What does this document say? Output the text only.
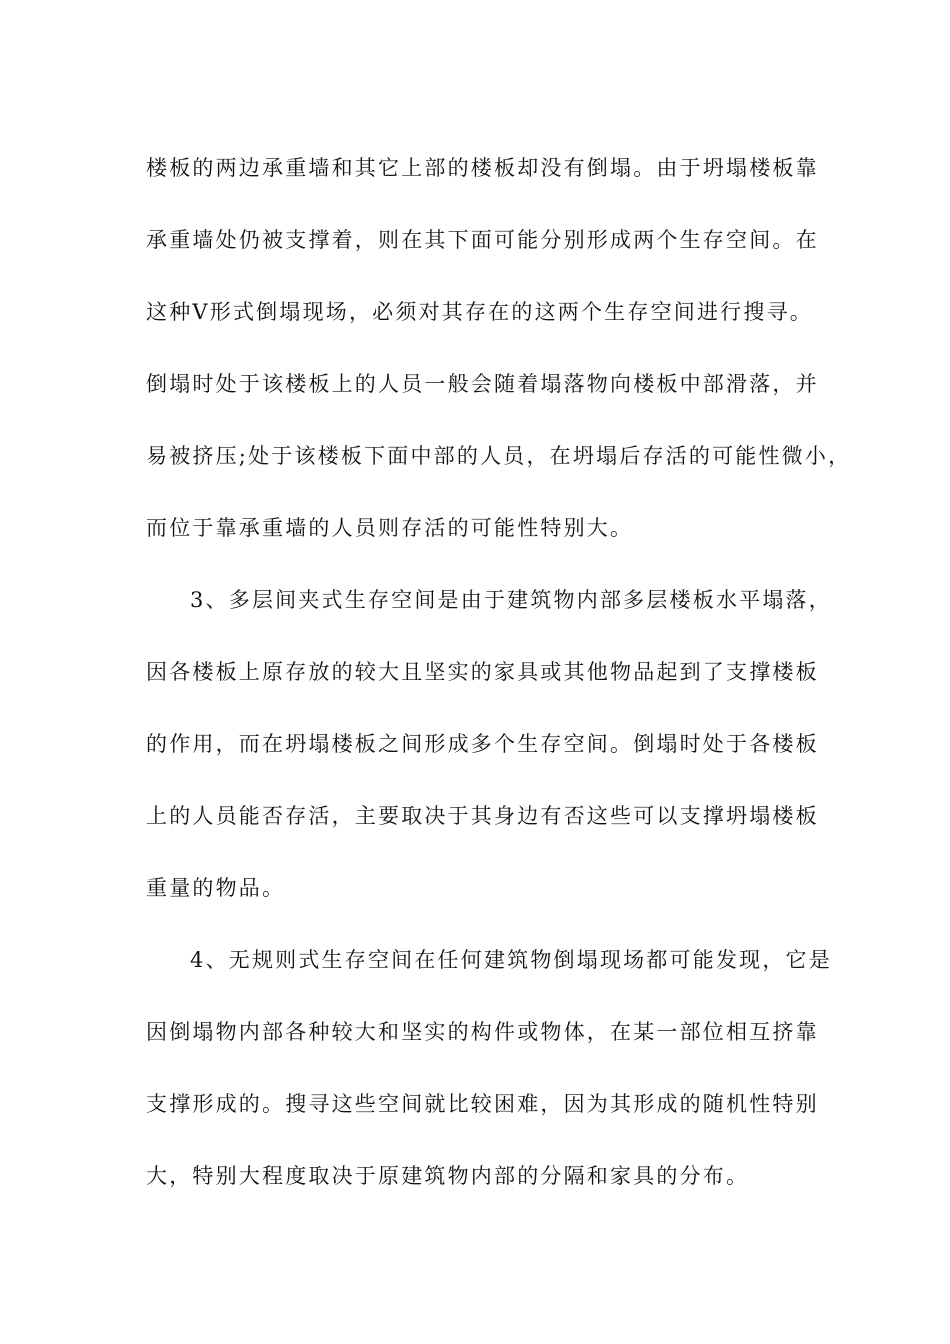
楼板的两边承重墙和其它上部的楼板却没有倒塌。由于坍塌楼板靠
承重墙处仍被支撑着，则在其下面可能分别形成两个生存空间。在
这种V形式倒塌现场，必须对其存在的这两个生存空间进行搜寻。
倒塌时处于该楼板上的人员一般会随着塌落物向楼板中部滑落，并
易被挤压;处于该楼板下面中部的人员，在坍塌后存活的可能性微小，
而位于靠承重墙的人员则存活的可能性特别大。
3、多层间夹式生存空间是由于建筑物内部多层楼板水平塌落，
因各楼板上原存放的较大且坚实的家具或其他物品起到了支撑楼板
的作用，而在坍塌楼板之间形成多个生存空间。倒塌时处于各楼板
上的人员能否存活，主要取决于其身边有否这些可以支撑坍塌楼板
重量的物品。
4、无规则式生存空间在任何建筑物倒塌现场都可能发现，它是
因倒塌物内部各种较大和坚实的构件或物体，在某一部位相互挤靠
支撑形成的。搜寻这些空间就比较困难，因为其形成的随机性特别
大，特别大程度取决于原建筑物内部的分隔和家具的分布。
